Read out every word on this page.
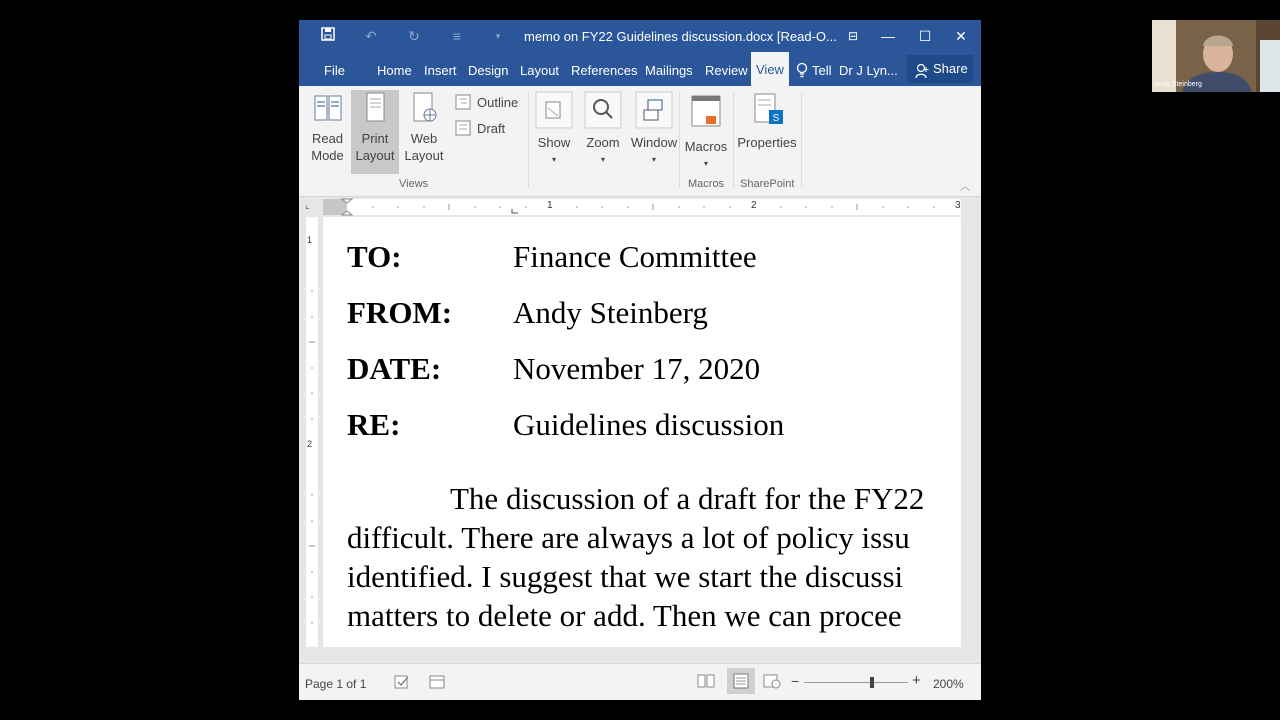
↶	↻	≡	▾	memo on FY22 Guidelines discussion.docx [Read-O... ⊟	—	☐	✕
File Home Insert Design Layout References Mailings Review View	Tell Dr J Lyn...	Share
Read Mode
Print Layout
Web Layout
Outline
Draft
Views
Show
▾
Zoom
▾
Window
▾
Macros
▾
Macros
S
Properties
SharePoint	︿
⌞	1	2	3
1
2
TO:	Finance Committee
FROM: Andy Steinberg
DATE: November 17, 2020
RE:	Guidelines discussion
The discussion of a draft for the FY22
difficult. There are always a lot of policy issu
identified. I suggest that we start the discussi
matters to delete or add. Then we can procee
Page 1 of 1	−	+ 200%
Andy Steinberg
